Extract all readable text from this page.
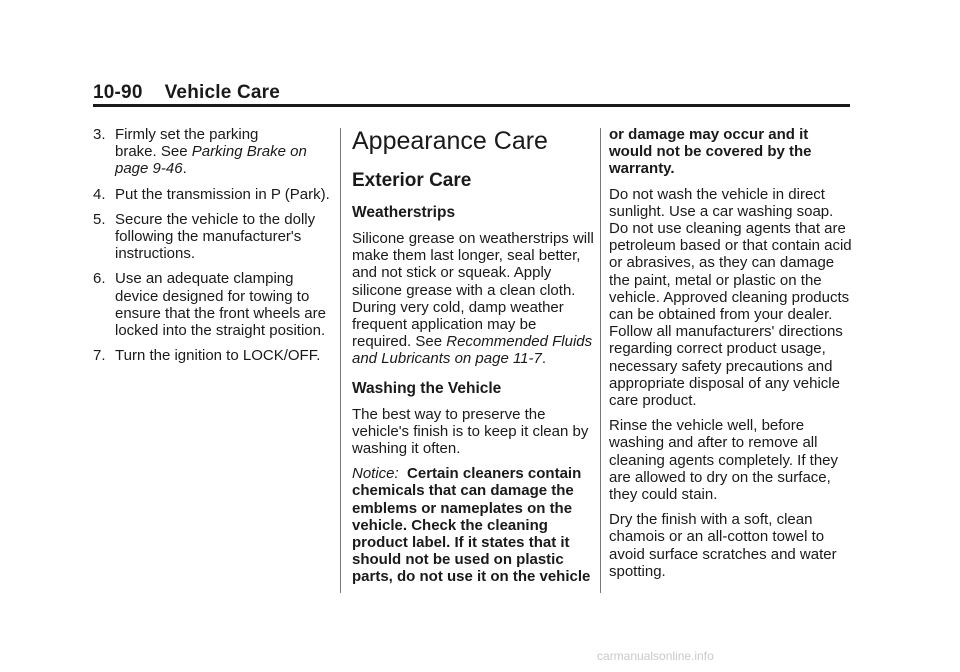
10-90 Vehicle Care
3. Firmly set the parking brake. See Parking Brake on page 9-46.
4. Put the transmission in P (Park).
5. Secure the vehicle to the dolly following the manufacturer's instructions.
6. Use an adequate clamping device designed for towing to ensure that the front wheels are locked into the straight position.
7. Turn the ignition to LOCK/OFF.
Appearance Care
Exterior Care
Weatherstrips

Silicone grease on weatherstrips will make them last longer, seal better, and not stick or squeak. Apply silicone grease with a clean cloth. During very cold, damp weather frequent application may be required. See Recommended Fluids and Lubricants on page 11-7.

Washing the Vehicle

The best way to preserve the vehicle's finish is to keep it clean by washing it often.

Notice: Certain cleaners contain chemicals that can damage the emblems or nameplates on the vehicle. Check the cleaning product label. If it states that it should not be used on plastic parts, do not use it on the vehicle

or damage may occur and it would not be covered by the warranty.

Do not wash the vehicle in direct sunlight. Use a car washing soap. Do not use cleaning agents that are petroleum based or that contain acid or abrasives, as they can damage the paint, metal or plastic on the vehicle. Approved cleaning products can be obtained from your dealer. Follow all manufacturers' directions regarding correct product usage, necessary safety precautions and appropriate disposal of any vehicle care product.

Rinse the vehicle well, before washing and after to remove all cleaning agents completely. If they are allowed to dry on the surface, they could stain.

Dry the finish with a soft, clean chamois or an all-cotton towel to avoid surface scratches and water spotting.

carmanualsonline.info
